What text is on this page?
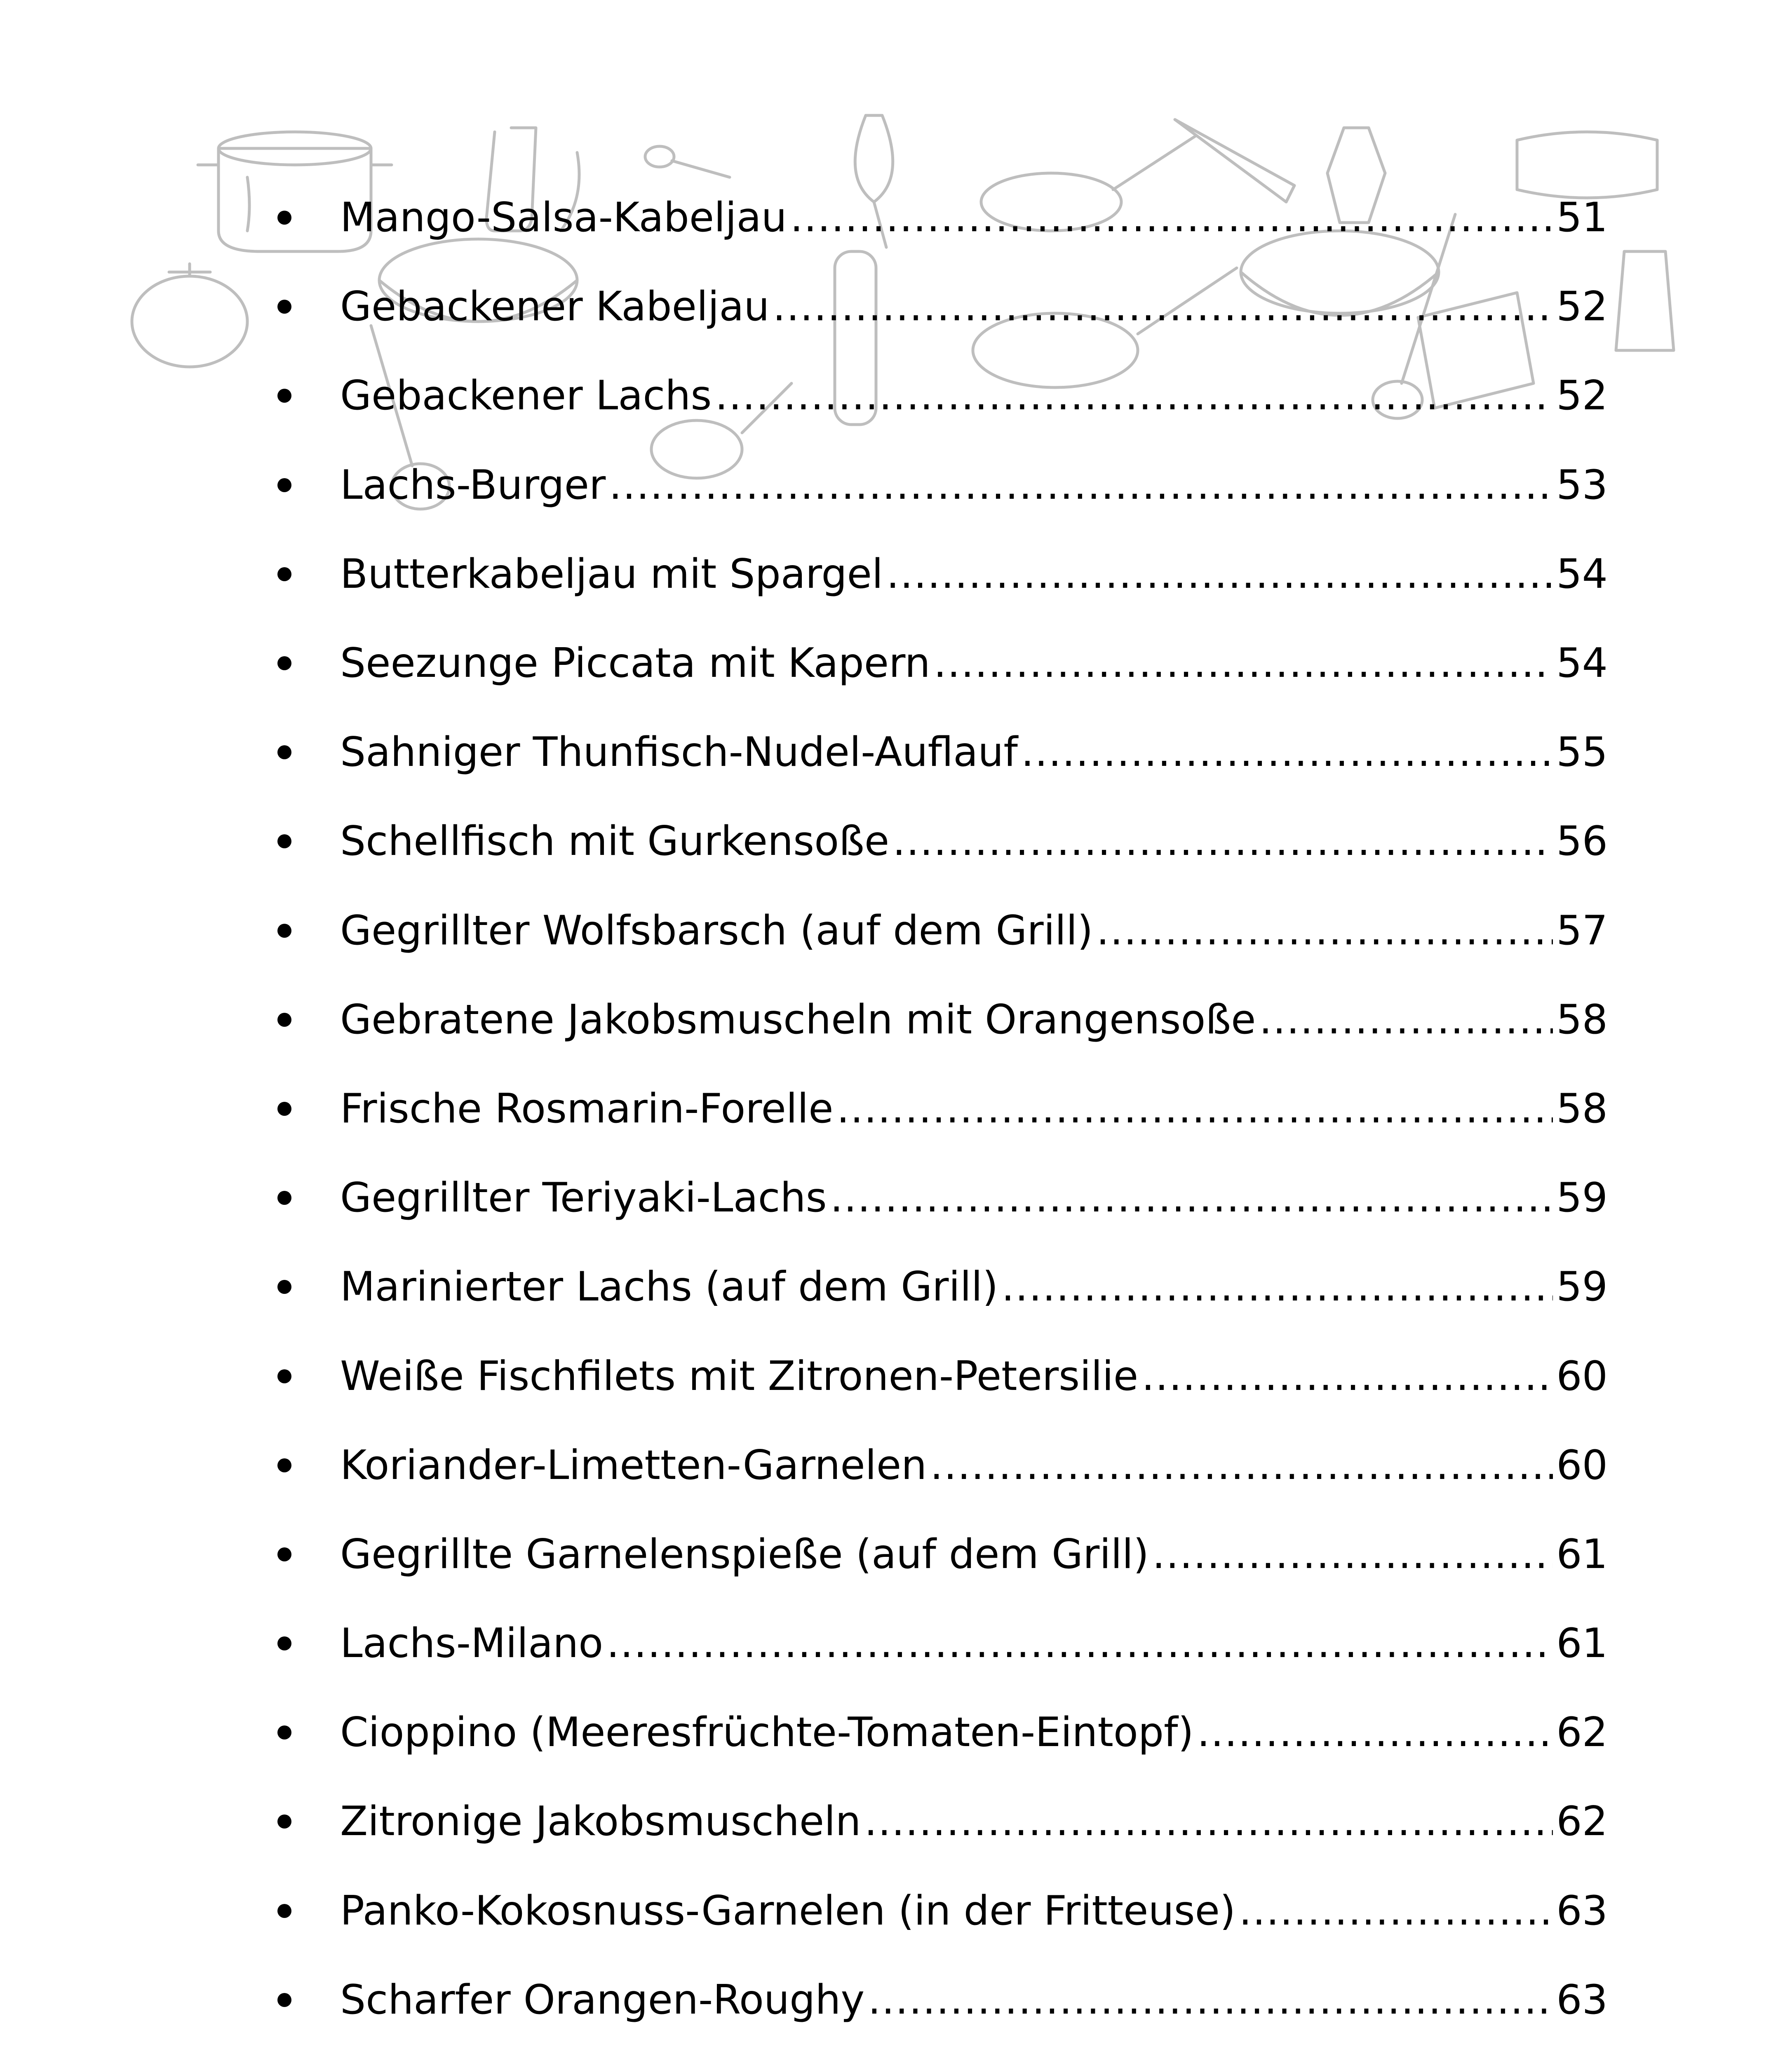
Mango-Salsa-Kabeljau .....	51
Gebackener Kabeljau .....	52
Gebackener Lachs .....	52
Lachs-Burger .....	53
Butterkabeljau mit Spargel .....	54
Seezunge Piccata mit Kapern .....	54
Sahniger Thunfisch-Nudel-Auflauf .....	55
Schellfisch mit Gurkensoße .....	56
Gegrillter Wolfsbarsch (auf dem Grill) .....	57
Gebratene Jakobsmuscheln mit Orangensoße .....	58
Frische Rosmarin-Forelle .....	58
Gegrillter Teriyaki-Lachs .....	59
Marinierter Lachs (auf dem Grill) .....	59
Weiße Fischfilets mit Zitronen-Petersilie .....	60
Koriander-Limetten-Garnelen .....	60
Gegrillte Garnelenspieße (auf dem Grill) .....	61
Lachs-Milano .....	61
Cioppino (Meeresfrüchte-Tomaten-Eintopf) .....	62
Zitronige Jakobsmuscheln .....	62
Panko-Kokosnuss-Garnelen (in der Fritteuse) .....	63
Scharfer Orangen-Roughy .....	63
